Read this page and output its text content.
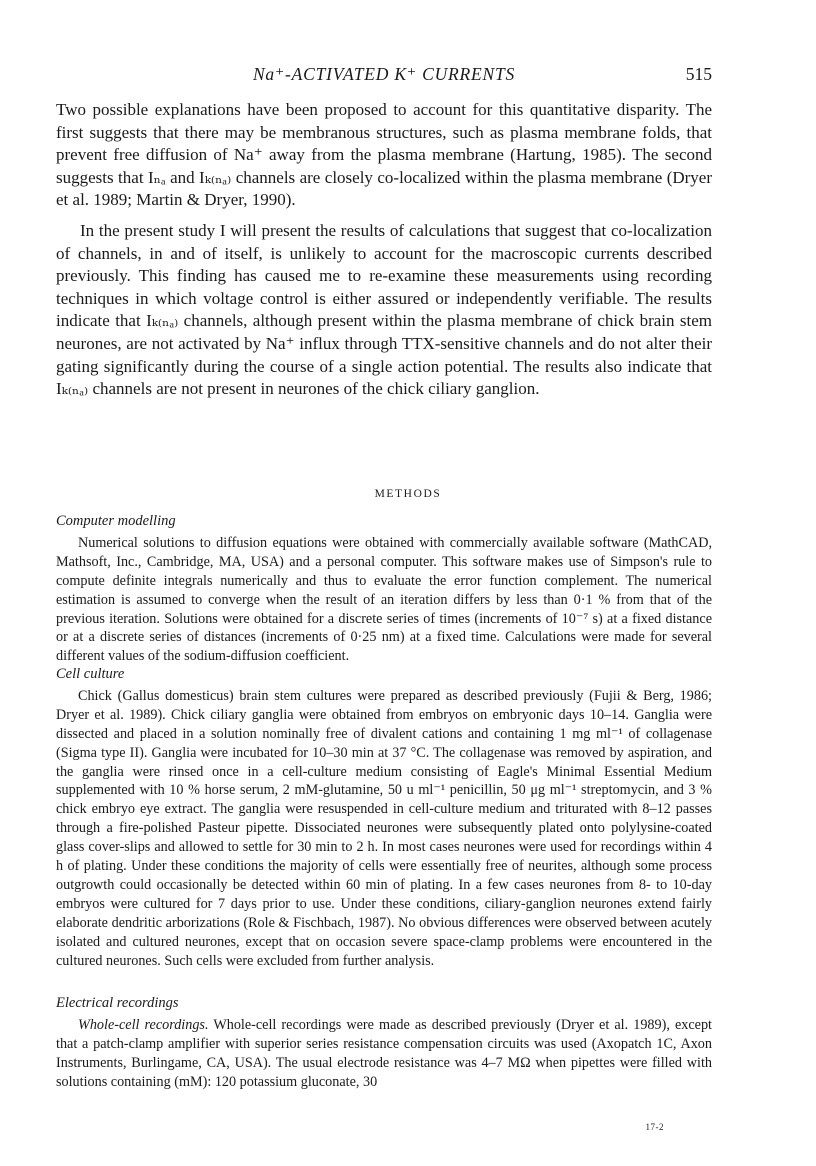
Na⁺-ACTIVATED K⁺ CURRENTS	515

Two possible explanations have been proposed to account for this quantitative disparity. The first suggests that there may be membranous structures, such as plasma membrane folds, that prevent free diffusion of Na⁺ away from the plasma membrane (Hartung, 1985). The second suggests that Iₙₐ and Iₖ₍ₙₐ₎ channels are closely co-localized within the plasma membrane (Dryer et al. 1989; Martin & Dryer, 1990).

In the present study I will present the results of calculations that suggest that co-localization of channels, in and of itself, is unlikely to account for the macroscopic currents described previously. This finding has caused me to re-examine these measurements using recording techniques in which voltage control is either assured or independently verifiable. The results indicate that Iₖ₍ₙₐ₎ channels, although present within the plasma membrane of chick brain stem neurones, are not activated by Na⁺ influx through TTX-sensitive channels and do not alter their gating significantly during the course of a single action potential. The results also indicate that Iₖ₍ₙₐ₎ channels are not present in neurones of the chick ciliary ganglion.

METHODS
Computer modelling

Numerical solutions to diffusion equations were obtained with commercially available software (MathCAD, Mathsoft, Inc., Cambridge, MA, USA) and a personal computer. This software makes use of Simpson's rule to compute definite integrals numerically and thus to evaluate the error function complement. The numerical estimation is assumed to converge when the result of an iteration differs by less than 0·1 % from that of the previous iteration. Solutions were obtained for a discrete series of times (increments of 10⁻⁷ s) at a fixed distance or at a discrete series of distances (increments of 0·25 nm) at a fixed time. Calculations were made for several different values of the sodium-diffusion coefficient.

Cell culture

Chick (Gallus domesticus) brain stem cultures were prepared as described previously (Fujii & Berg, 1986; Dryer et al. 1989). Chick ciliary ganglia were obtained from embryos on embryonic days 10–14. Ganglia were dissected and placed in a solution nominally free of divalent cations and containing 1 mg ml⁻¹ of collagenase (Sigma type II). Ganglia were incubated for 10–30 min at 37 °C. The collagenase was removed by aspiration, and the ganglia were rinsed once in a cell-culture medium consisting of Eagle's Minimal Essential Medium supplemented with 10 % horse serum, 2 mM-glutamine, 50 u ml⁻¹ penicillin, 50 μg ml⁻¹ streptomycin, and 3 % chick embryo eye extract. The ganglia were resuspended in cell-culture medium and triturated with 8–12 passes through a fire-polished Pasteur pipette. Dissociated neurones were subsequently plated onto polylysine-coated glass cover-slips and allowed to settle for 30 min to 2 h. In most cases neurones were used for recordings within 4 h of plating. Under these conditions the majority of cells were essentially free of neurites, although some process outgrowth could occasionally be detected within 60 min of plating. In a few cases neurones from 8- to 10-day embryos were cultured for 7 days prior to use. Under these conditions, ciliary-ganglion neurones extend fairly elaborate dendritic arborizations (Role & Fischbach, 1987). No obvious differences were observed between acutely isolated and cultured neurones, except that on occasion severe space-clamp problems were encountered in the cultured neurones. Such cells were excluded from further analysis.

Electrical recordings

Whole-cell recordings. Whole-cell recordings were made as described previously (Dryer et al. 1989), except that a patch-clamp amplifier with superior series resistance compensation circuits was used (Axopatch 1C, Axon Instruments, Burlingame, CA, USA). The usual electrode resistance was 4–7 MΩ when pipettes were filled with solutions containing (mM): 120 potassium gluconate, 30

17-2
